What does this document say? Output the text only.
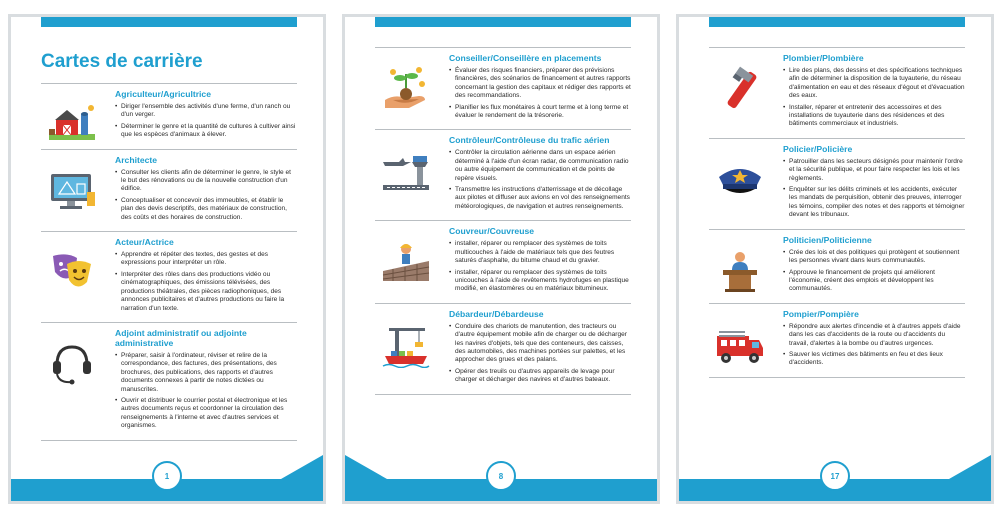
Cartes de carrière
Agriculteur/Agricultrice
• Diriger l'ensemble des activités d'une ferme, d'un ranch ou d'un verger.
• Déterminer le genre et la quantité de cultures à cultiver ainsi que les espèces d'animaux à élever.
Architecte
• Consulter les clients afin de déterminer le genre, le style et le but des rénovations ou de la nouvelle construction d'un édifice.
• Conceptualiser et concevoir des immeubles, et établir le plan des devis descriptifs, des matériaux de construction, des coûts et des horaires de construction.
Acteur/Actrice
• Apprendre et répéter des textes, des gestes et des expressions pour interpréter un rôle.
• Interpréter des rôles dans des productions vidéo ou cinématographiques, des émissions télévisées, des productions théâtrales, des pièces radiophoniques, des annonces publicitaires et d'autres productions ou faire la narration d'un texte.
Adjoint administratif ou adjointe administrative
• Préparer, saisir à l'ordinateur, réviser et relire de la correspondance, des factures, des présentations, des brochures, des publications, des rapports et d'autres documents connexes à partir de notes dictées ou manuscrites.
• Ouvrir et distribuer le courrier postal et électronique et les autres documents reçus et coordonner la circulation des renseignements à l'interne et avec d'autres services et organismes.
1
Conseiller/Conseillère en placements
• Évaluer des risques financiers, préparer des prévisions financières, des scénarios de financement et autres rapports concernant la gestion des capitaux et rédiger des rapports et des recommandations.
• Planifier les flux monétaires à court terme et à long terme et évaluer le rendement de la trésorerie.
Contrôleur/Contrôleuse du trafic aérien
• Contrôler la circulation aérienne dans un espace aérien déterminé à l'aide d'un écran radar, de communication radio ou autre équipement de communication et de points de repère visuels.
• Transmettre les instructions d'atterrissage et de décollage aux pilotes et diffuser aux avions en vol des renseignements météorologiques, de navigation et autres renseignements.
Couvreur/Couvreuse
• installer, réparer ou remplacer des systèmes de toits multicouches à l'aide de matériaux tels que des feutres saturés d'asphalte, du bitume chaud et du gravier.
• installer, réparer ou remplacer des systèmes de toits unicouches à l'aide de revêtements hydrofuges en plastique modifié, en élastomères ou en matériaux bitumineux.
Débardeur/Débardeuse
• Conduire des chariots de manutention, des tracteurs ou d'autre équipement mobile afin de charger ou de décharger les navires d'objets, tels que des conteneurs, des caisses, des automobiles, des machines portées sur palettes, et les approcher des grues et des palans.
• Opérer des treuils ou d'autres appareils de levage pour charger et décharger des navires et d'autres bateaux.
8
Plombier/Plombière
• Lire des plans, des dessins et des spécifications techniques afin de déterminer la disposition de la tuyauterie, du réseau d'alimentation en eau et des réseaux d'égout et d'évacuation des eaux.
• Installer, réparer et entretenir des accessoires et des installations de tuyauterie dans des résidences et des bâtiments commerciaux et industriels.
Policier/Policière
• Patrouiller dans les secteurs désignés pour maintenir l'ordre et la sécurité publique, et pour faire respecter les lois et les règlements.
• Enquêter sur les délits criminels et les accidents, exécuter les mandats de perquisition, obtenir des preuves, interroger les témoins, compiler des notes et des rapports et témoigner devant les tribunaux.
Politicien/Politicienne
• Crée des lois et des politiques qui protègent et soutiennent les personnes vivant dans leurs communautés.
• Approuve le financement de projets qui améliorent l'économie, créent des emplois et développent les communautés.
Pompier/Pompière
• Répondre aux alertes d'incendie et à d'autres appels d'aide dans les cas d'accidents de la route ou d'accidents du travail, d'alertes à la bombe ou d'autres urgences.
• Sauver les victimes des bâtiments en feu et des lieux d'accidents.
17
